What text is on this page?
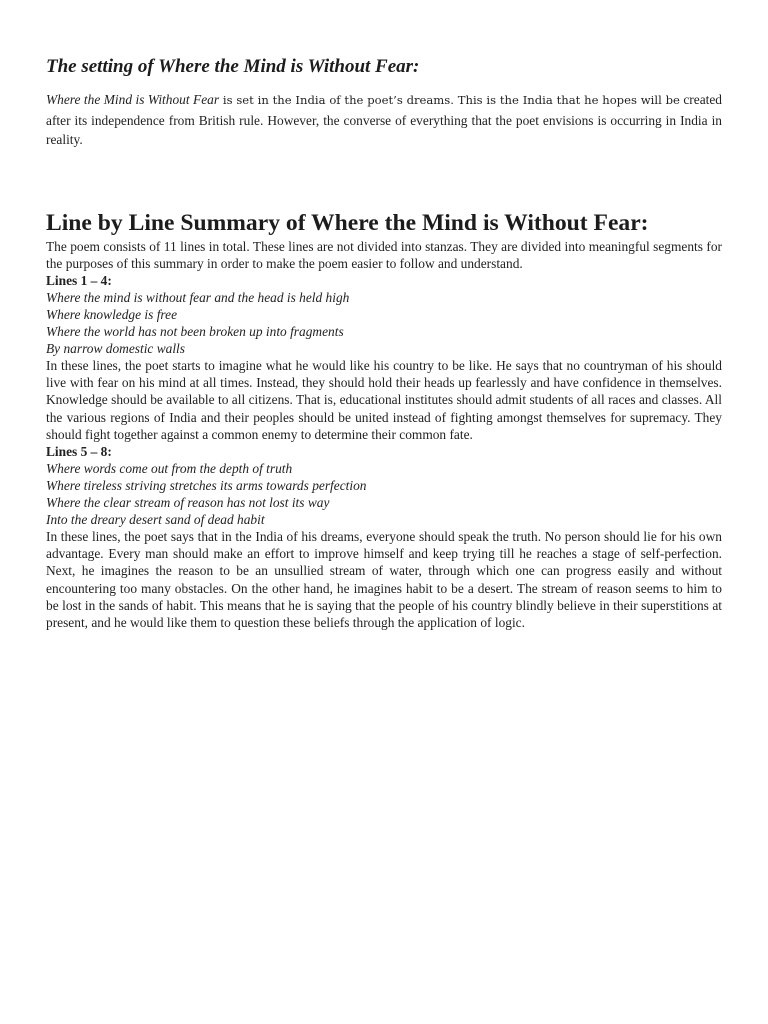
The setting of Where the Mind is Without Fear:

Where the Mind is Without Fear is set in the India of the poet’s dreams. This is the India that he hopes will be created after its independence from British rule. However, the converse of everything that the poet envisions is occurring in India in reality.

Line by Line Summary of Where the Mind is Without Fear:

The poem consists of 11 lines in total. These lines are not divided into stanzas. They are divided into meaningful segments for the purposes of this summary in order to make the poem easier to follow and understand.

Lines 1 – 4:

Where the mind is without fear and the head is held high

Where knowledge is free

Where the world has not been broken up into fragments

By narrow domestic walls

In these lines, the poet starts to imagine what he would like his country to be like. He says that no countryman of his should live with fear on his mind at all times. Instead, they should hold their heads up fearlessly and have confidence in themselves. Knowledge should be available to all citizens. That is, educational institutes should admit students of all races and classes. All the various regions of India and their peoples should be united instead of fighting amongst themselves for supremacy. They should fight together against a common enemy to determine their common fate.

Lines 5 – 8:

Where words come out from the depth of truth

Where tireless striving stretches its arms towards perfection

Where the clear stream of reason has not lost its way

Into the dreary desert sand of dead habit

In these lines, the poet says that in the India of his dreams, everyone should speak the truth. No person should lie for his own advantage. Every man should make an effort to improve himself and keep trying till he reaches a stage of self-perfection. Next, he imagines the reason to be an unsullied stream of water, through which one can progress easily and without encountering too many obstacles. On the other hand, he imagines habit to be a desert. The stream of reason seems to him to be lost in the sands of habit. This means that he is saying that the people of his country blindly believe in their superstitions at present, and he would like them to question these beliefs through the application of logic.
